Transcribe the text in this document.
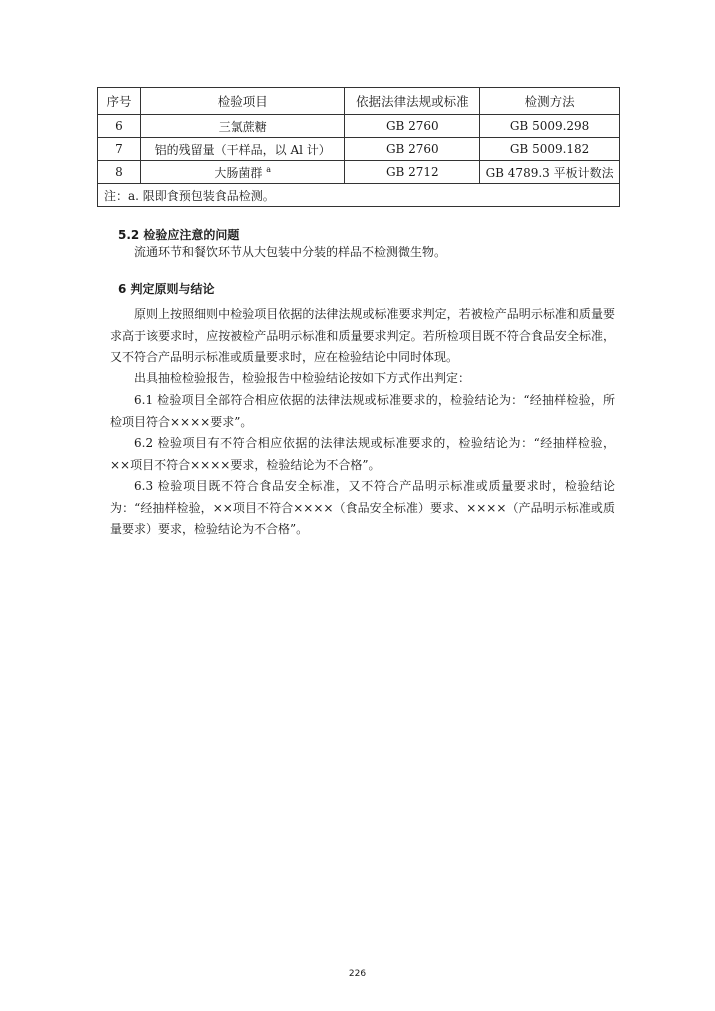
序号	检验项目	依据法律法规或标准	检测方法
6	三氯蔗糖	GB 2760	GB 5009.298
7	铝的残留量（干样品，以 Al 计）	GB 2760	GB 5009.182
8	大肠菌群 $^a$	GB 2712	GB 4789.3 平板计数法
注：a. 限即食预包装食品检测。			
5.2 检验应注意的问题

流通环节和餐饮环节从大包装中分装的样品不检测微生物。

6 判定原则与结论

原则上按照细则中检验项目依据的法律法规或标准要求判定，若被检产品明示标准和质量要求高于该要求时，应按被检产品明示标准和质量要求判定。若所检项目既不符合食品安全标准，又不符合产品明示标准或质量要求时，应在检验结论中同时体现。

出具抽检检验报告，检验报告中检验结论按如下方式作出判定：

6.1 检验项目全部符合相应依据的法律法规或标准要求的，检验结论为：“经抽样检验，所检项目符合××××要求”。

6.2 检验项目有不符合相应依据的法律法规或标准要求的，检验结论为：“经抽样检验，××项目不符合××××要求，检验结论为不合格”。

6.3 检验项目既不符合食品安全标准，又不符合产品明示标准或质量要求时，检验结论为：“经抽样检验，××项目不符合××××（食品安全标准）要求、××××（产品明示标准或质量要求）要求，检验结论为不合格”。

226
